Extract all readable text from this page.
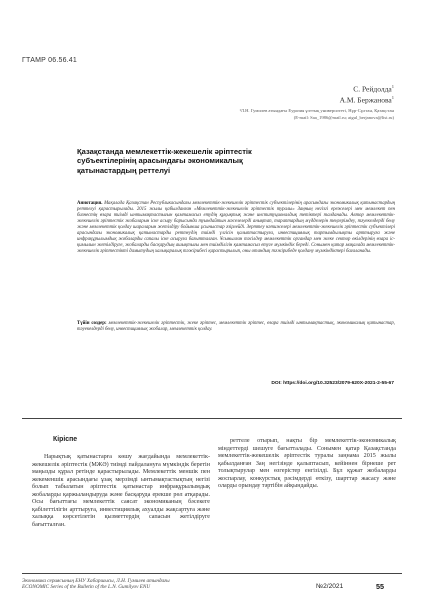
ГТАМР 06.56.41
С. Рейдолда$^1$
А.М. Бержанова$^1$
¹Л.Н. Гумилев атындағы Еуразия ұлттық университеті, Нұр-Сұлтан, Қазақстан
(E-mail: Saa_1986@mail.ru; aigul_berjanova@list.ru)
Қазақстанда мемлекеттік-жекешелік әріптестік
субъектілерінің арасындағы экономикалық
қатынастардың реттелуі
Аннотация. Мақалада Қазақстан Республикасындағы мемлекеттік-жекешелік әріптестік субъектілерінің арасындағы экономикалық қатынастардың реттелуі қарастырылады. 2015 жылы қабылданған «Мемлекеттік-жекешелік әріптестік туралы» Заңның негізгі ережелері мен мемлекет пен бизнестің өзара тиімді ынтымақтастығын қамтамасыз етудің құқықтық және институционалдық тетіктері талданады. Автор мемлекеттік-жекешелік әріптестік жобаларын іске асыру барысында туындайтын мәселелерді анықтап, тараптардың мүдделерін теңгерімдеу, тәуекелдерді бөлу және мемлекеттік қолдау шараларын жетілдіру бойынша ұсыныстар әзірлейді. Зерттеу нәтижелері мемлекеттік-жекешелік әріптестік субъектілері арасындағы экономикалық қатынастарды реттеудің тиімді үлгісін қалыптастыруға, инвестициялық тартымдылықты арттыруға және инфрақұрылымдық жобаларды сапалы іске асыруға бағытталған. Ұсынылған тәсілдер мемлекеттік органдар мен жеке сектор өкілдерінің өзара іс-қимылын жетілдіруге, жобаларды басқарудың ашықтығы мен тиімділігін қамтамасыз етуге мүмкіндік береді. Сонымен қатар мақалада мемлекеттік-жекешелік әріптестікті дамытудың халықаралық тәжірибесі қарастырылып, оны отандық тәжірибеде қолдану мүмкіндіктері бағаланады.
Түйін сөздер: мемлекеттік-жекешелік әріптестік, жеке әріптес, мемлекеттік әріптес, өзара тиімді ынтымақтастық, экономикалық қатынастар, тәуекелдерді бөлу, инвестициялық жобалар, мемлекеттік қолдау.
DOI: https://doi.org/10.32523/2079-620X-2021-2-55-67
Кіріспе

Нарықтық қатынастарға көшу жағдайында мемлекеттік-жекешелік әріптестік (МЖӘ) тиімді пайдалануға мүмкіндік беретін маңызды құрал ретінде қарастырылады. Мемлекеттік меншік пен жекеменшік арасындағы ұзақ мерзімді ынтымақтастықтың негізі болып табылатын әріптестік қатынастар инфрақұрылымдық жобаларды қаржыландыруда және басқаруда ерекше рөл атқарады. Осы бағыттағы мемлекеттік саясат экономиканың бәсекеге қабілеттілігін арттыруға, инвестициялық ахуалды жақсартуға және халыққа көрсетілетін қызметтердің сапасын жетілдіруге бағытталған.

реттеле отырып, нақты бір мемлекеттік-экономикалық міндеттерді шешуге бағытталады. Сонымен қатар Қазақстанда мемлекеттік-жекешелік әріптестік туралы заңнама 2015 жылы қабылданған Заң негізінде қалыптасып, кейіннен бірнеше рет толықтырулар мен өзгерістер енгізілді. Бұл құжат жобаларды жоспарлау, конкурстық рәсімдерді өткізу, шарттар жасасу және оларды орындау тәртібін айқындайды.

Экономика сериясының ЕНУ Хабаршысы, Л.Н. Гумилев атындағы
ECONOMIC Series of the Bulletin of the L.N. Gumilyov ENU	№2/2021	55
